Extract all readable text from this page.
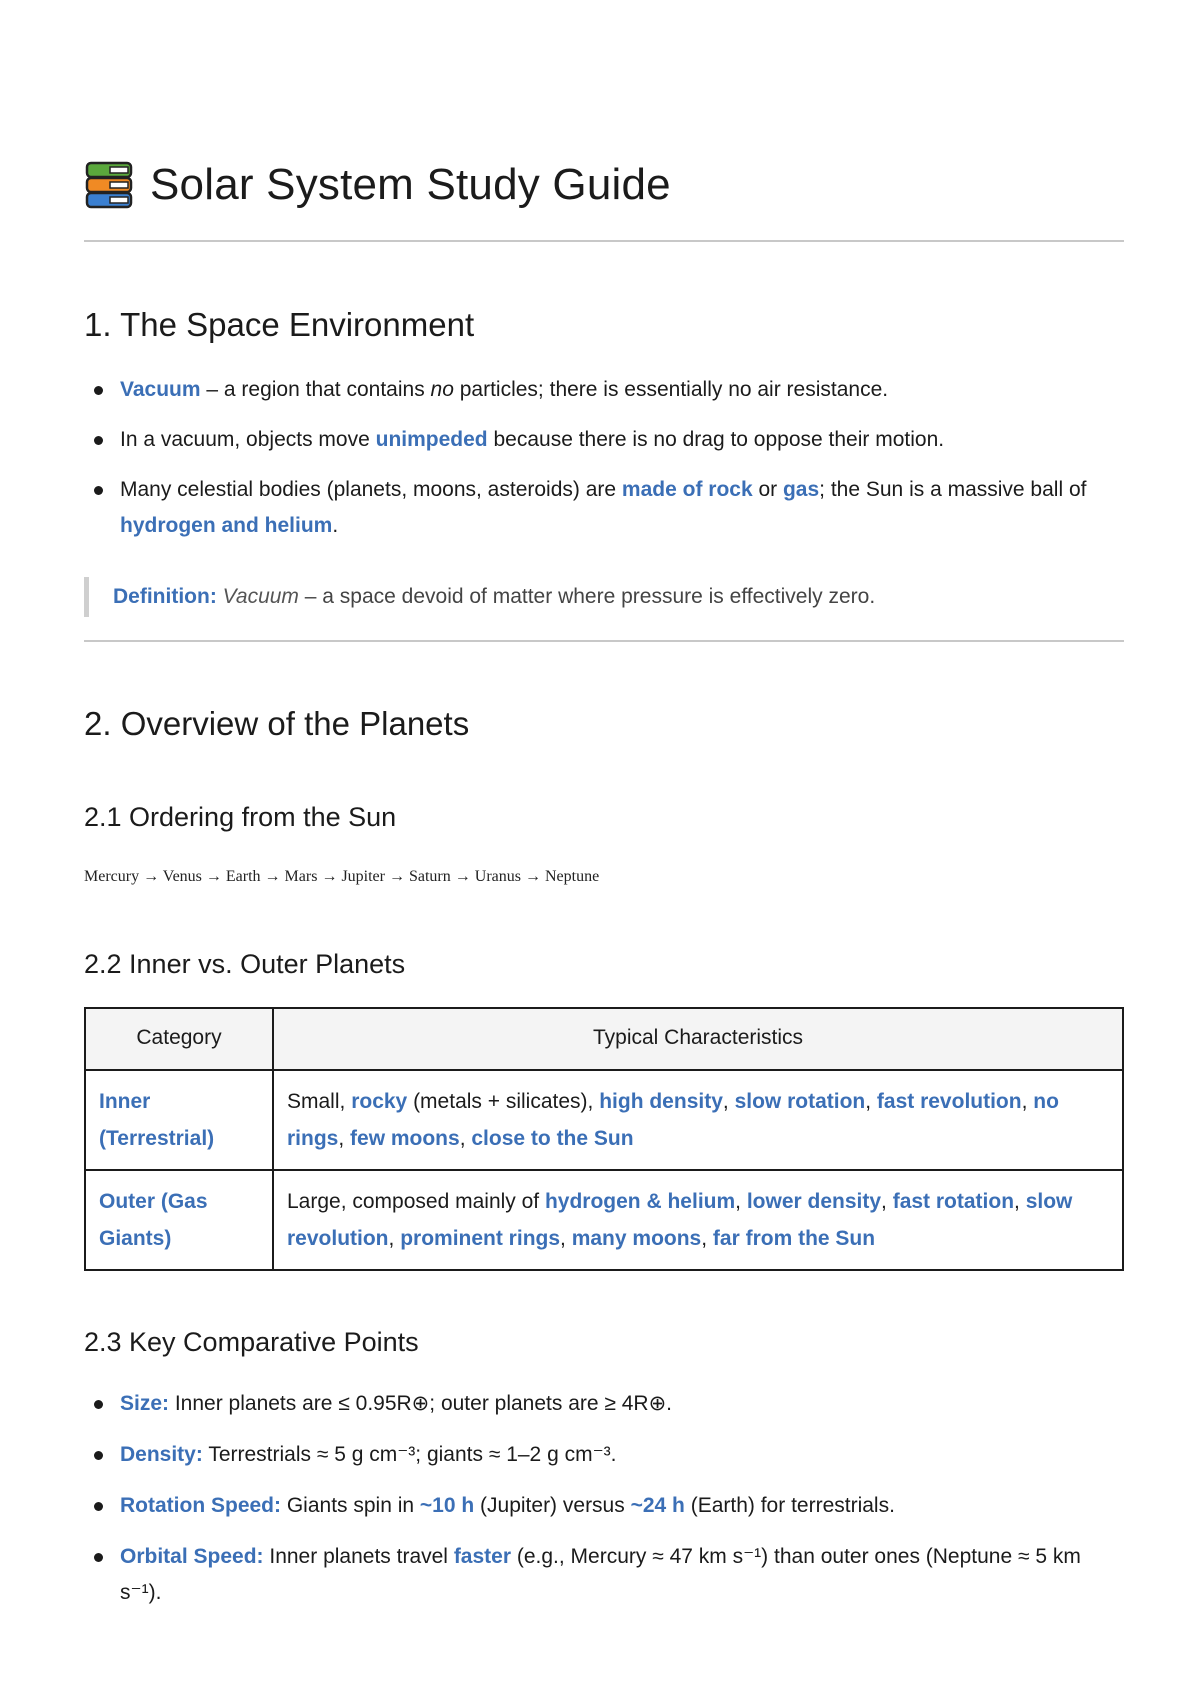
Solar System Study Guide
1. The Space Environment
Vacuum – a region that contains no particles; there is essentially no air resistance.
In a vacuum, objects move unimpeded because there is no drag to oppose their motion.
Many celestial bodies (planets, moons, asteroids) are made of rock or gas; the Sun is a massive ball of hydrogen and helium.
Definition: Vacuum – a space devoid of matter where pressure is effectively zero.
2. Overview of the Planets
2.1 Ordering from the Sun
Mercury → Venus → Earth → Mars → Jupiter → Saturn → Uranus → Neptune
2.2 Inner vs. Outer Planets
Category	Typical Characteristics
Inner (Terrestrial)	Small, rocky (metals + silicates), high density, slow rotation, fast revolution, no rings, few moons, close to the Sun
Outer (Gas Giants)	Large, composed mainly of hydrogen & helium, lower density, fast rotation, slow revolution, prominent rings, many moons, far from the Sun
2.3 Key Comparative Points
Size: Inner planets are ≤ 0.95R⊕; outer planets are ≥ 4R⊕.
Density: Terrestrials ≈ 5 g cm⁻³; giants ≈ 1–2 g cm⁻³.
Rotation Speed: Giants spin in ~10 h (Jupiter) versus ~24 h (Earth) for terrestrials.
Orbital Speed: Inner planets travel faster (e.g., Mercury ≈ 47 km s⁻¹) than outer ones (Neptune ≈ 5 km s⁻¹).
